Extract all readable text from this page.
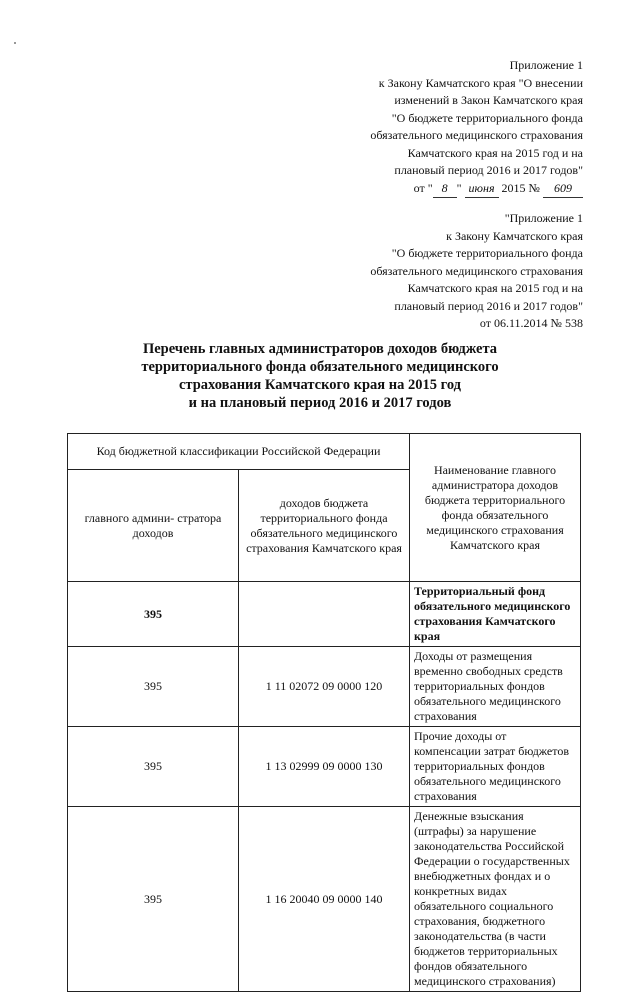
Приложение 1
к Закону Камчатского края "О внесении
изменений в Закон Камчатского края
"О бюджете территориального фонда
обязательного медицинского страхования
Камчатского края на 2015 год и на
плановый период 2016 и 2017 годов"
от " 8 " июня 2015 № 609
"Приложение 1
к Закону Камчатского края
"О бюджете территориального фонда
обязательного медицинского страхования
Камчатского края на 2015 год и на
плановый период 2016 и 2017 годов"
от 06.11.2014 № 538
Перечень главных администраторов доходов бюджета
территориального фонда обязательного медицинского
страхования Камчатского края на 2015 год
и на плановый период 2016 и 2017 годов
Код бюджетной классификации Российской Федерации		Наименование главного администратора доходов бюджета территориального фонда обязательного медицинского страхования Камчатского края
главного админи- стратора доходов	доходов бюджета территориального фонда обязательного медицинского страхования Камчатского края	
395		Территориальный фонд обязательного медицинского страхования Камчатского края
395	1 11 02072 09 0000 120	Доходы от размещения временно свободных средств территориальных фондов обязательного медицинского страхования
395	1 13 02999 09 0000 130	Прочие доходы от компенсации затрат бюджетов территориальных фондов обязательного медицинского страхования
395	1 16 20040 09 0000 140	Денежные взыскания (штрафы) за нарушение законодательства Российской Федерации о государственных внебюджетных фондах и о конкретных видах обязательного социального страхования, бюджетного законодательства (в части бюджетов территориальных фондов обязательного медицинского страхования)
